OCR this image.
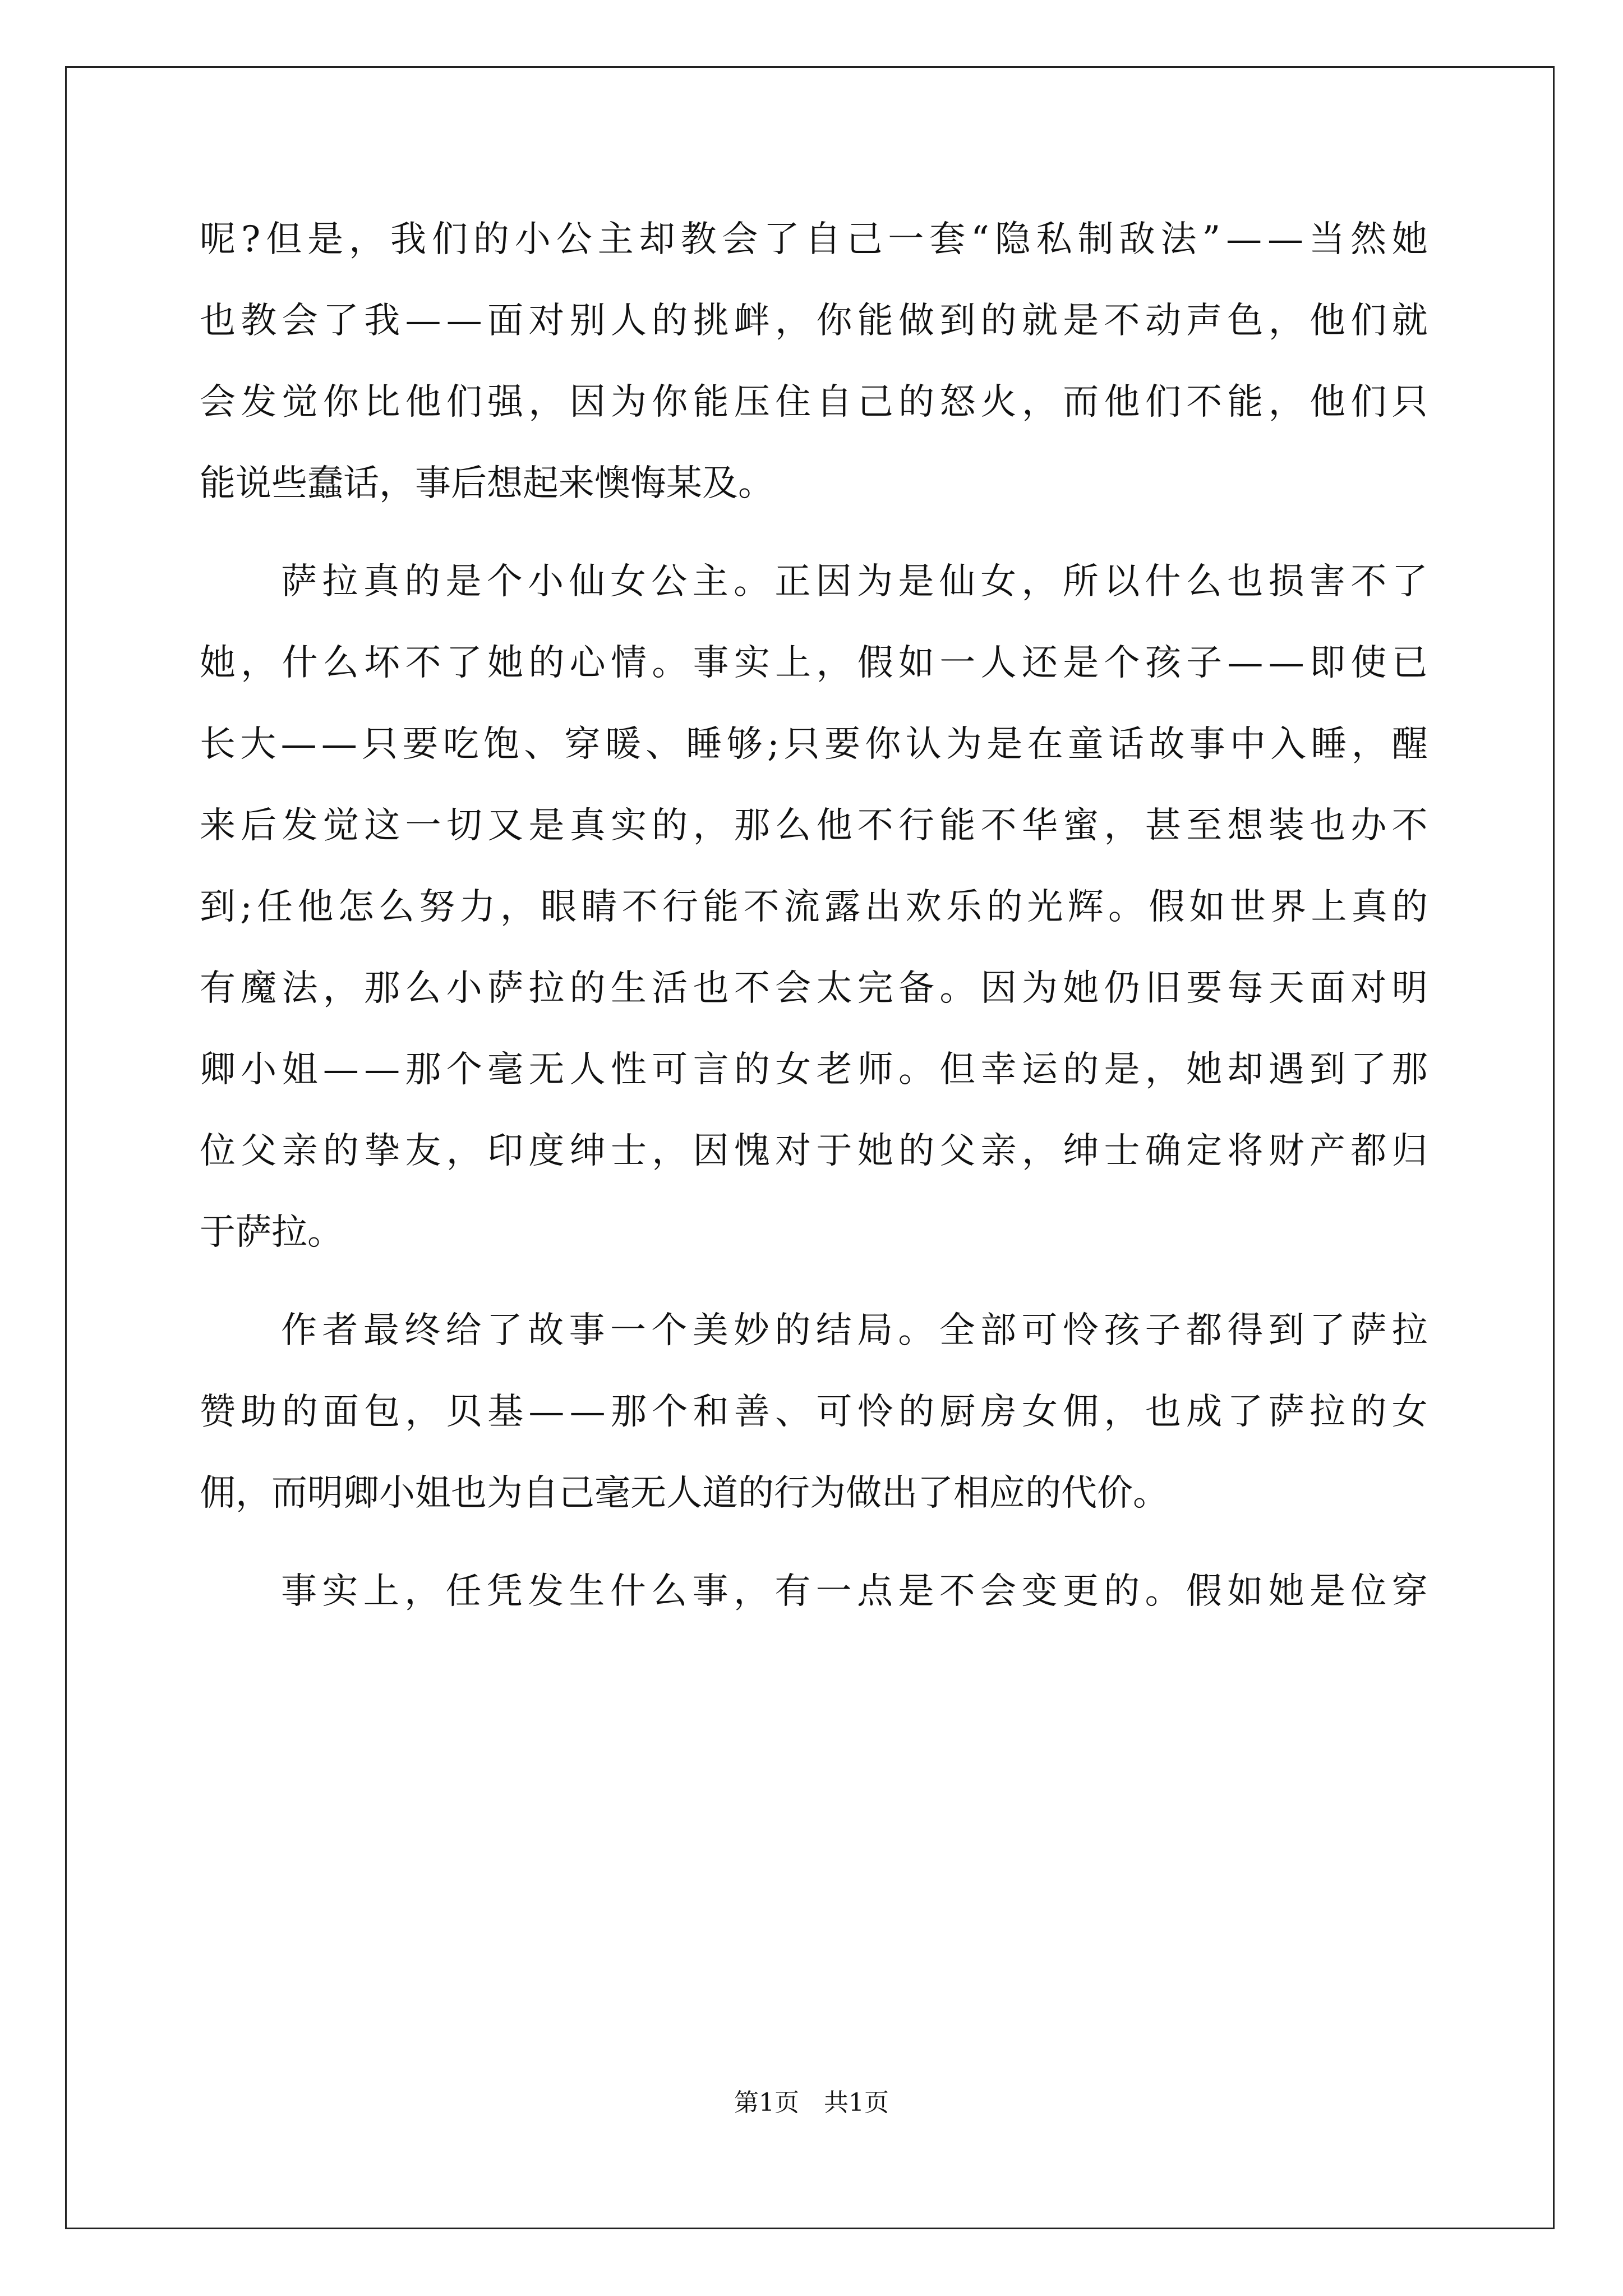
呢 ? 但 是 ， 我 们 的 小 公 主 却 教 会 了 自 己 一 套 “ 隐 私 制 敌 法 ” — — 当 然 她
也 教 会 了 我 — — 面 对 别 人 的 挑 衅 ， 你 能 做 到 的 就 是 不 动 声 色 ， 他 们 就
会 发 觉 你 比 他 们 强 ， 因 为 你 能 压 住 自 己 的 怒 火 ， 而 他 们 不 能 ， 他 们 只
能说些蠢话，事后想起来懊悔某及。
萨 拉 真 的 是 个 小 仙 女 公 主 。 正 因 为 是 仙 女 ， 所 以 什 么 也 损 害 不 了
她 ， 什 么 坏 不 了 她 的 心 情 。 事 实 上 ， 假 如 一 人 还 是 个 孩 子 — — 即 使 已
长 大 — — 只 要 吃 饱 、 穿 暖 、 睡 够 ; 只 要 你 认 为 是 在 童 话 故 事 中 入 睡 ， 醒
来 后 发 觉 这 一 切 又 是 真 实 的 ， 那 么 他 不 行 能 不 华 蜜 ， 甚 至 想 装 也 办 不
到 ; 任 他 怎 么 努 力 ， 眼 睛 不 行 能 不 流 露 出 欢 乐 的 光 辉 。 假 如 世 界 上 真 的
有 魔 法 ， 那 么 小 萨 拉 的 生 活 也 不 会 太 完 备 。 因 为 她 仍 旧 要 每 天 面 对 明
卿 小 姐 — — 那 个 毫 无 人 性 可 言 的 女 老 师 。 但 幸 运 的 是 ， 她 却 遇 到 了 那
位 父 亲 的 挚 友 ， 印 度 绅 士 ， 因 愧 对 于 她 的 父 亲 ， 绅 士 确 定 将 财 产 都 归
于萨拉。
作 者 最 终 给 了 故 事 一 个 美 妙 的 结 局 。 全 部 可 怜 孩 子 都 得 到 了 萨 拉
赞 助 的 面 包 ， 贝 基 — — 那 个 和 善 、 可 怜 的 厨 房 女 佣 ， 也 成 了 萨 拉 的 女
佣，而明卿小姐也为自己毫无人道的行为做出了相应的代价。
事 实 上 ， 任 凭 发 生 什 么 事 ， 有 一 点 是 不 会 变 更 的 。 假 如 她 是 位 穿
第1页　共1页
